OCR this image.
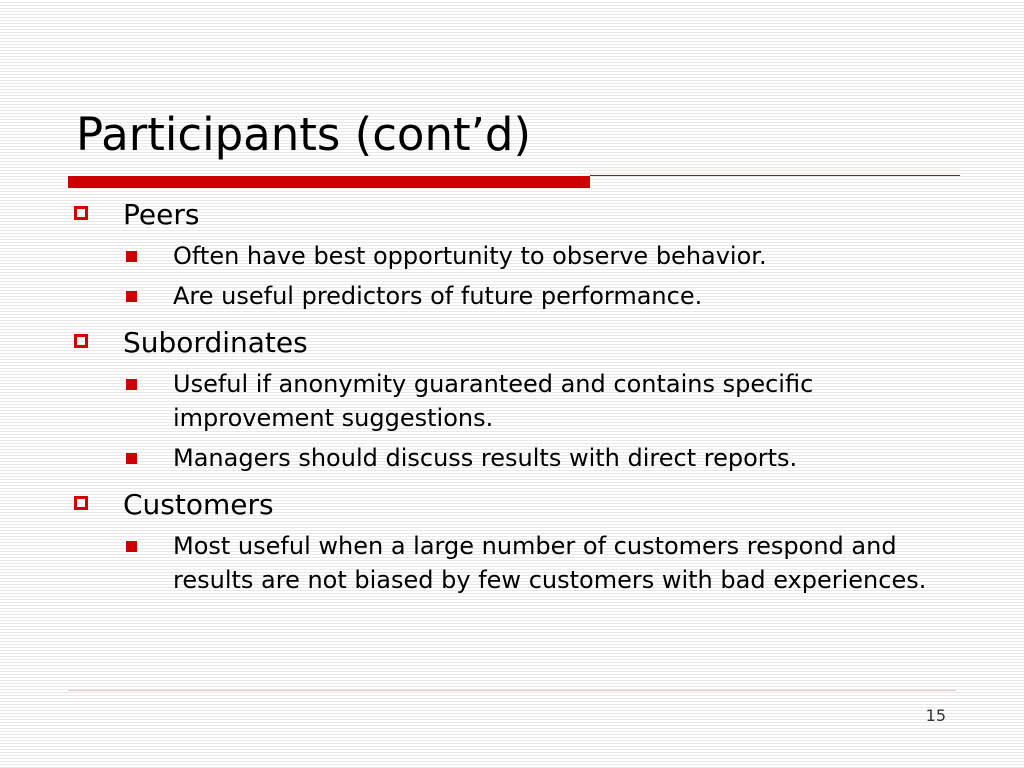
Participants (cont’d)
Peers
Often have best opportunity to observe behavior.
Are useful predictors of future performance.
Subordinates
Useful if anonymity guaranteed and contains specific improvement suggestions.
Managers should discuss results with direct reports.
Customers
Most useful when a large number of customers respond and results are not biased by few customers with bad experiences.
15
